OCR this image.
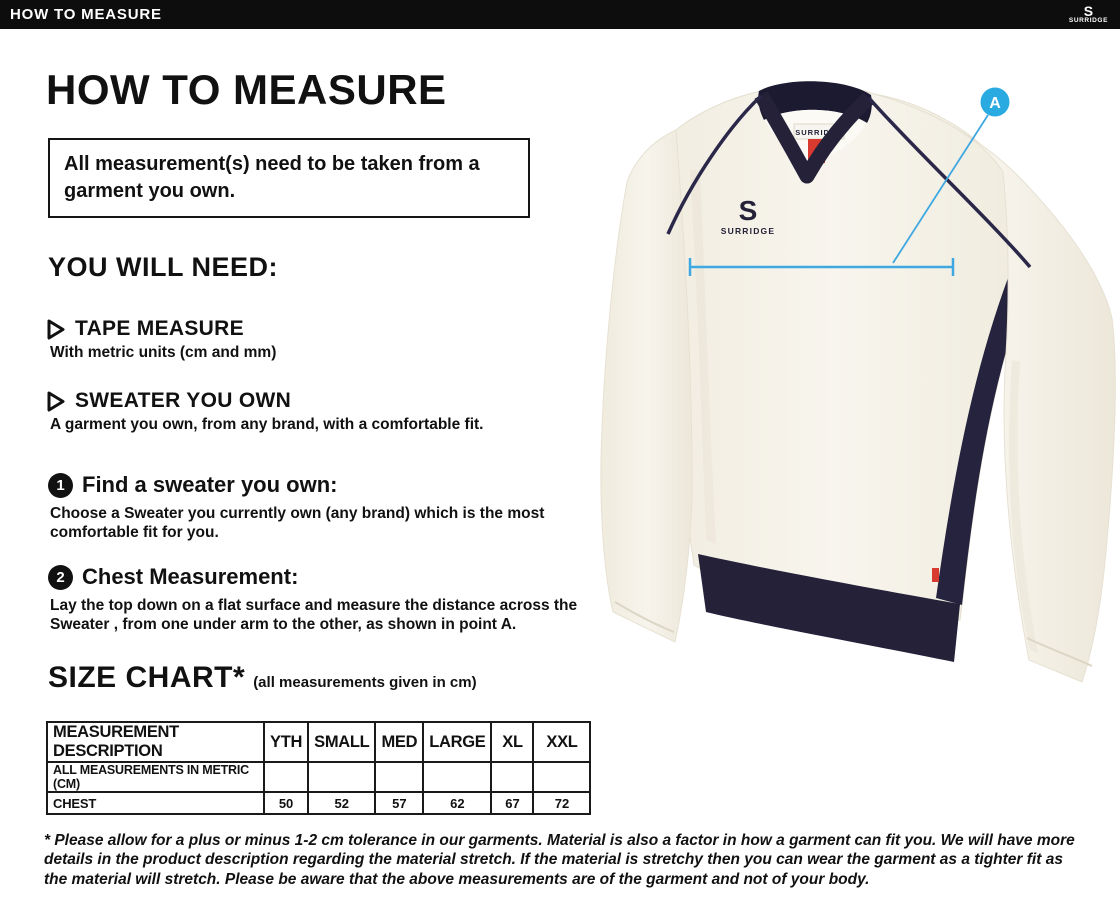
HOW TO MEASURE	S
SURRIDGE
HOW TO MEASURE
All measurement(s) need to be taken from a garment you own.
YOU WILL NEED:
TAPE MEASURE
With metric units (cm and mm)
SWEATER YOU OWN
A garment you own, from any brand, with a comfortable fit.
1 Find a sweater you own:
Choose a Sweater you currently own (any brand) which is the most comfortable fit for you.
2 Chest Measurement:
Lay the top down on a flat surface and measure the distance across the Sweater , from one under arm to the other, as shown in point A.
SIZE CHART* (all measurements given in cm)
MEASUREMENT DESCRIPTION	YTH	SMALL	MED	LARGE	XL	XXL
ALL MEASUREMENTS IN METRIC (CM)						
CHEST	50	52	57	62	67	72
* Please allow for a plus or minus 1-2 cm tolerance in our garments. Material is also a factor in how a garment can fit you. We will have more details in the product description regarding the material stretch. If the material is stretchy then you can wear the garment as a tighter fit as the material will stretch. Please be aware that the above measurements are of the garment and not of your body.
SURRIDGE
S
SURRIDGE
A
